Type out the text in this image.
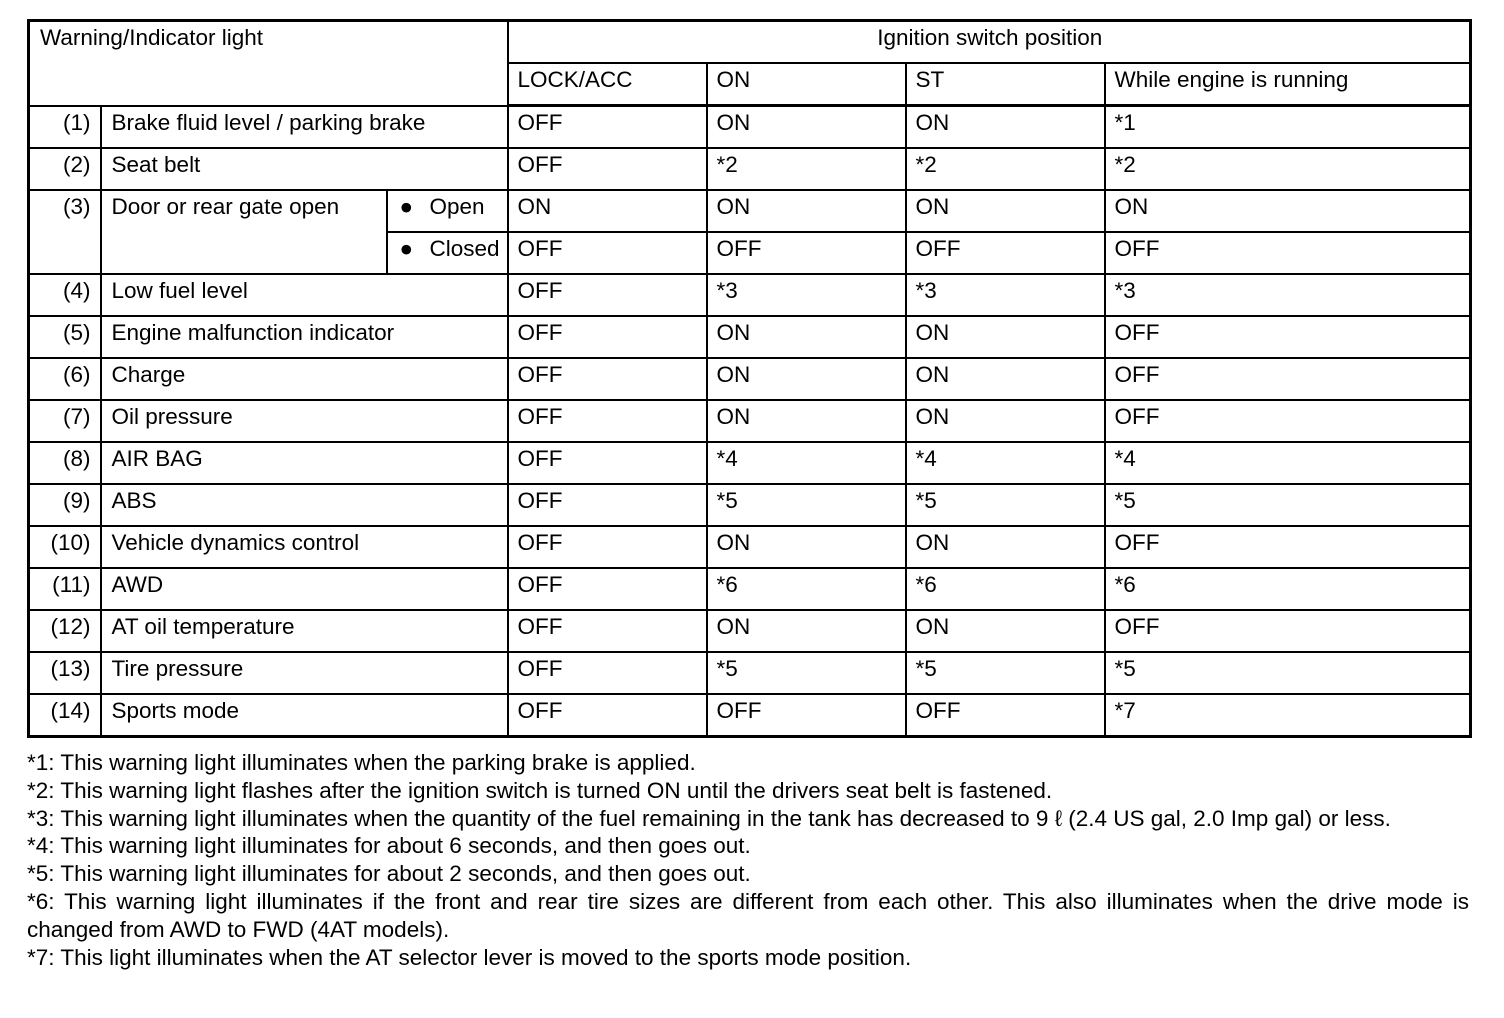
Warning/Indicator light			Ignition switch position			
			LOCK/ACC	ON	ST	While engine is running
(1)	Brake fluid level / parking brake		OFF	ON	ON	*1
(2)	Seat belt		OFF	*2	*2	*2
(3)	Door or rear gate open	● Open	ON	ON	ON	ON
		● Closed	OFF	OFF	OFF	OFF
(4)	Low fuel level		OFF	*3	*3	*3
(5)	Engine malfunction indicator		OFF	ON	ON	OFF
(6)	Charge		OFF	ON	ON	OFF
(7)	Oil pressure		OFF	ON	ON	OFF
(8)	AIR BAG		OFF	*4	*4	*4
(9)	ABS		OFF	*5	*5	*5
(10)	Vehicle dynamics control		OFF	ON	ON	OFF
(11)	AWD		OFF	*6	*6	*6
(12)	AT oil temperature		OFF	ON	ON	OFF
(13)	Tire pressure		OFF	*5	*5	*5
(14)	Sports mode		OFF	OFF	OFF	*7

*1: This warning light illuminates when the parking brake is applied.

*2: This warning light flashes after the ignition switch is turned ON until the drivers seat belt is fastened.

*3: This warning light illuminates when the quantity of the fuel remaining in the tank has decreased to 9 ℓ (2.4 US gal, 2.0 Imp gal) or less.

*4: This warning light illuminates for about 6 seconds, and then goes out.

*5: This warning light illuminates for about 2 seconds, and then goes out.

*6: This warning light illuminates if the front and rear tire sizes are different from each other. This also illuminates when the drive mode is changed from AWD to FWD (4AT models).

*7: This light illuminates when the AT selector lever is moved to the sports mode position.
